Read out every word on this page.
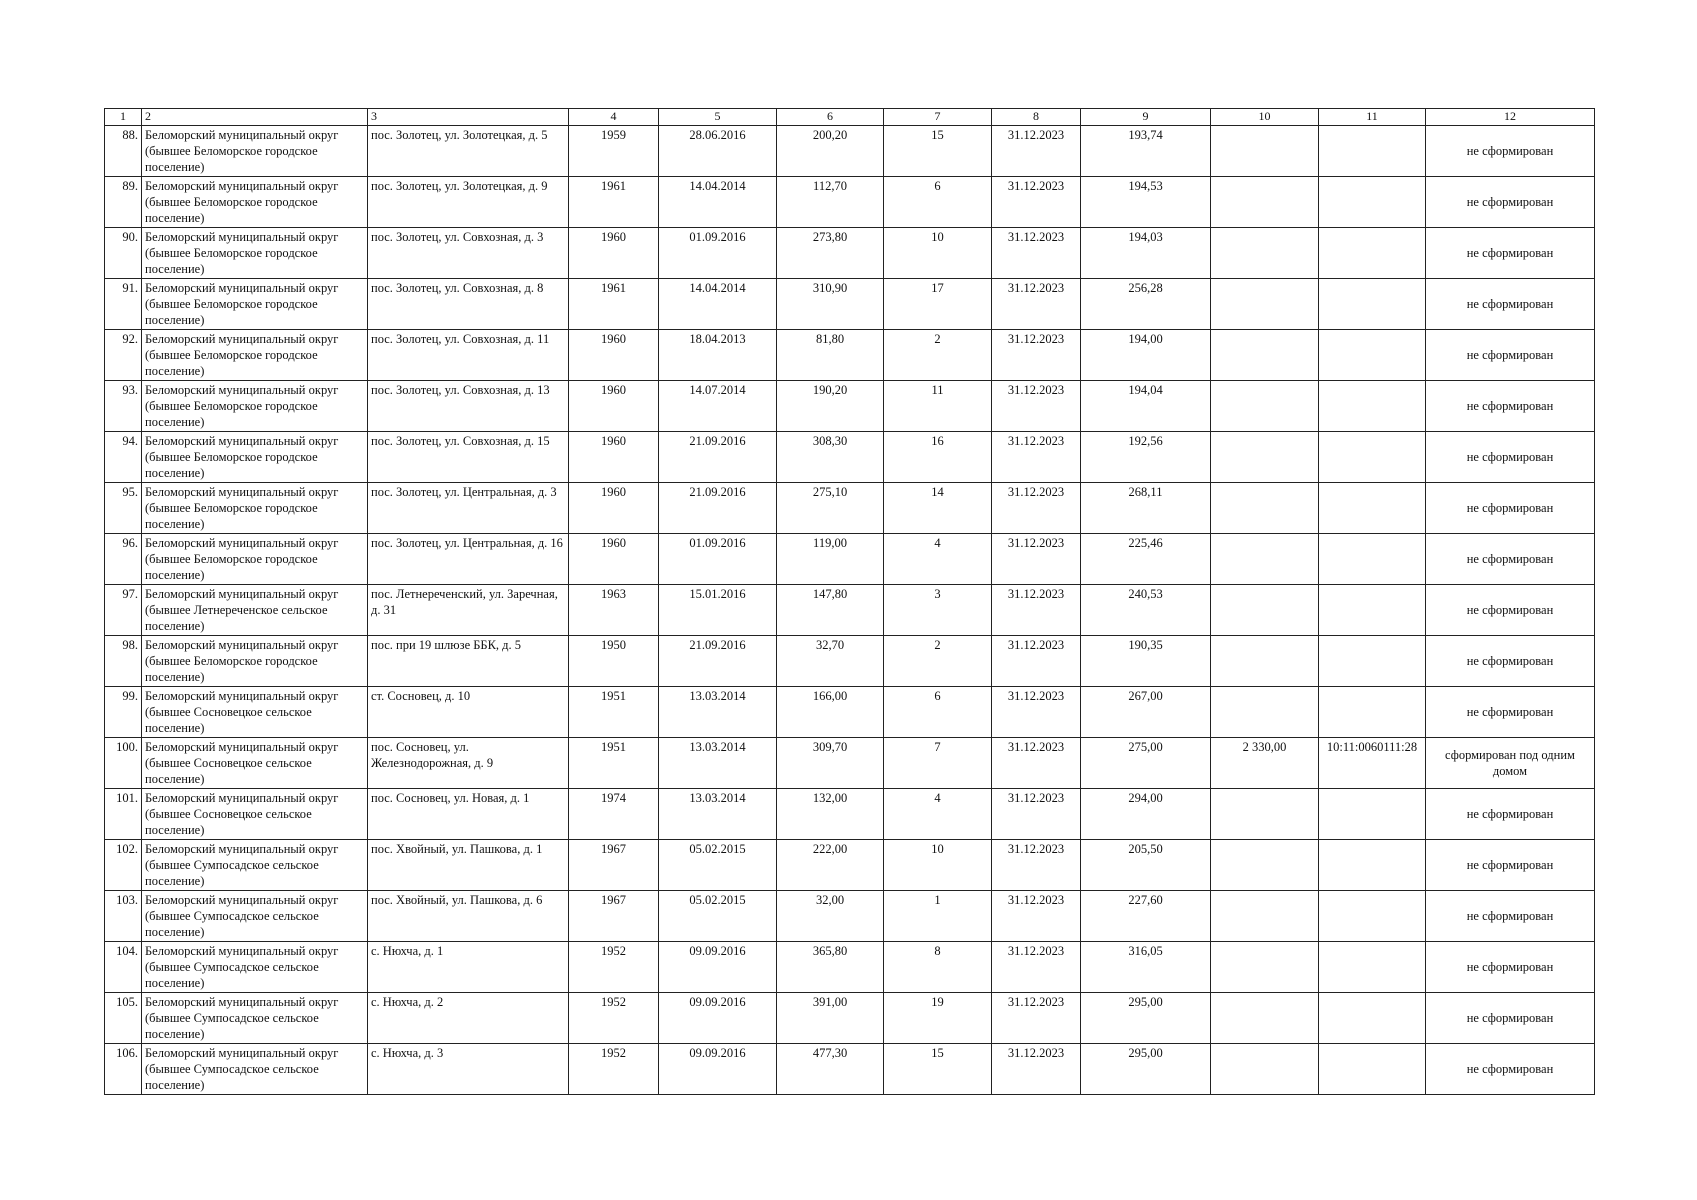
1	2	3	4	5	6	7	8	9	10	11	12
88.	Беломорский муниципальный округ (бывшее Беломорское городское поселение)	пос. Золотец, ул. Золотецкая, д. 5	1959	28.06.2016	200,20	15	31.12.2023	193,74			не сформирован
89.	Беломорский муниципальный округ (бывшее Беломорское городское поселение)	пос. Золотец, ул. Золотецкая, д. 9	1961	14.04.2014	112,70	6	31.12.2023	194,53			не сформирован
90.	Беломорский муниципальный округ (бывшее Беломорское городское поселение)	пос. Золотец, ул. Совхозная, д. 3	1960	01.09.2016	273,80	10	31.12.2023	194,03			не сформирован
91.	Беломорский муниципальный округ (бывшее Беломорское городское поселение)	пос. Золотец, ул. Совхозная, д. 8	1961	14.04.2014	310,90	17	31.12.2023	256,28			не сформирован
92.	Беломорский муниципальный округ (бывшее Беломорское городское поселение)	пос. Золотец, ул. Совхозная, д. 11	1960	18.04.2013	81,80	2	31.12.2023	194,00			не сформирован
93.	Беломорский муниципальный округ (бывшее Беломорское городское поселение)	пос. Золотец, ул. Совхозная, д. 13	1960	14.07.2014	190,20	11	31.12.2023	194,04			не сформирован
94.	Беломорский муниципальный округ (бывшее Беломорское городское поселение)	пос. Золотец, ул. Совхозная, д. 15	1960	21.09.2016	308,30	16	31.12.2023	192,56			не сформирован
95.	Беломорский муниципальный округ (бывшее Беломорское городское поселение)	пос. Золотец, ул. Центральная, д. 3	1960	21.09.2016	275,10	14	31.12.2023	268,11			не сформирован
96.	Беломорский муниципальный округ (бывшее Беломорское городское поселение)	пос. Золотец, ул. Центральная, д. 16	1960	01.09.2016	119,00	4	31.12.2023	225,46			не сформирован
97.	Беломорский муниципальный округ (бывшее Летнереченское сельское поселение)	пос. Летнереченский, ул. Заречная, д. 31	1963	15.01.2016	147,80	3	31.12.2023	240,53			не сформирован
98.	Беломорский муниципальный округ (бывшее Беломорское городское поселение)	пос. при 19 шлюзе ББК, д. 5	1950	21.09.2016	32,70	2	31.12.2023	190,35			не сформирован
99.	Беломорский муниципальный округ (бывшее Сосновецкое сельское поселение)	ст. Сосновец, д. 10	1951	13.03.2014	166,00	6	31.12.2023	267,00			не сформирован
100.	Беломорский муниципальный округ (бывшее Сосновецкое сельское поселение)	пос. Сосновец, ул. Железнодорожная, д. 9	1951	13.03.2014	309,70	7	31.12.2023	275,00	2 330,00	10:11:0060111:28	сформирован под одним домом
101.	Беломорский муниципальный округ (бывшее Сосновецкое сельское поселение)	пос. Сосновец, ул. Новая, д. 1	1974	13.03.2014	132,00	4	31.12.2023	294,00			не сформирован
102.	Беломорский муниципальный округ (бывшее Сумпосадское сельское поселение)	пос. Хвойный, ул. Пашкова, д. 1	1967	05.02.2015	222,00	10	31.12.2023	205,50			не сформирован
103.	Беломорский муниципальный округ (бывшее Сумпосадское сельское поселение)	пос. Хвойный, ул. Пашкова, д. 6	1967	05.02.2015	32,00	1	31.12.2023	227,60			не сформирован
104.	Беломорский муниципальный округ (бывшее Сумпосадское сельское поселение)	с. Нюхча, д. 1	1952	09.09.2016	365,80	8	31.12.2023	316,05			не сформирован
105.	Беломорский муниципальный округ (бывшее Сумпосадское сельское поселение)	с. Нюхча, д. 2	1952	09.09.2016	391,00	19	31.12.2023	295,00			не сформирован
106.	Беломорский муниципальный округ (бывшее Сумпосадское сельское поселение)	с. Нюхча, д. 3	1952	09.09.2016	477,30	15	31.12.2023	295,00			не сформирован
